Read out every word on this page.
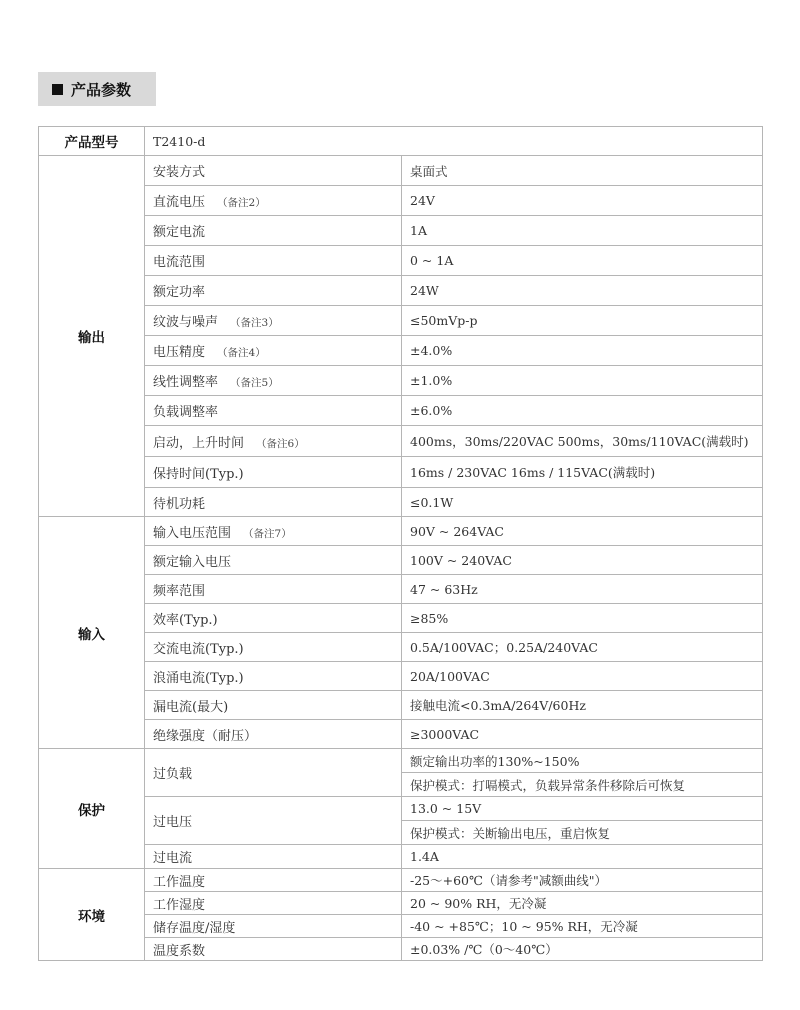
产品参数
产品型号	T2410-d	
输出	安装方式	桌面式
	直流电压 （备注2）	24V
	额定电流	1A
	电流范围	0 ~ 1A
	额定功率	24W
	纹波与噪声 （备注3）	≤50mVp-p
	电压精度 （备注4）	±4.0%
	线性调整率 （备注5）	±1.0%
	负载调整率	±6.0%
	启动，上升时间 （备注6）	400ms，30ms/220VAC 500ms，30ms/110VAC(满载时)
	保持时间(Typ.)	16ms / 230VAC 16ms / 115VAC(满载时)
	待机功耗	≤0.1W
输入	输入电压范围 （备注7）	90V ~ 264VAC
	额定输入电压	100V ~ 240VAC
	频率范围	47 ~ 63Hz
	效率(Typ.)	≥85%
	交流电流(Typ.)	0.5A/100VAC；0.25A/240VAC
	浪涌电流(Typ.)	20A/100VAC
	漏电流(最大)	接触电流<0.3mA/264V/60Hz
	绝缘强度（耐压）	≥3000VAC
保护	过负载	额定输出功率的130%~150%
		保护模式：打嗝模式，负载异常条件移除后可恢复
	过电压	13.0 ~ 15V
		保护模式：关断输出电压，重启恢复
	过电流	1.4A
环境	工作温度	-25～+60℃（请参考"减额曲线"）
	工作湿度	20 ~ 90% RH，无冷凝
	储存温度/湿度	-40 ~ +85℃；10 ~ 95% RH，无冷凝
	温度系数	±0.03% /℃（0～40℃）
